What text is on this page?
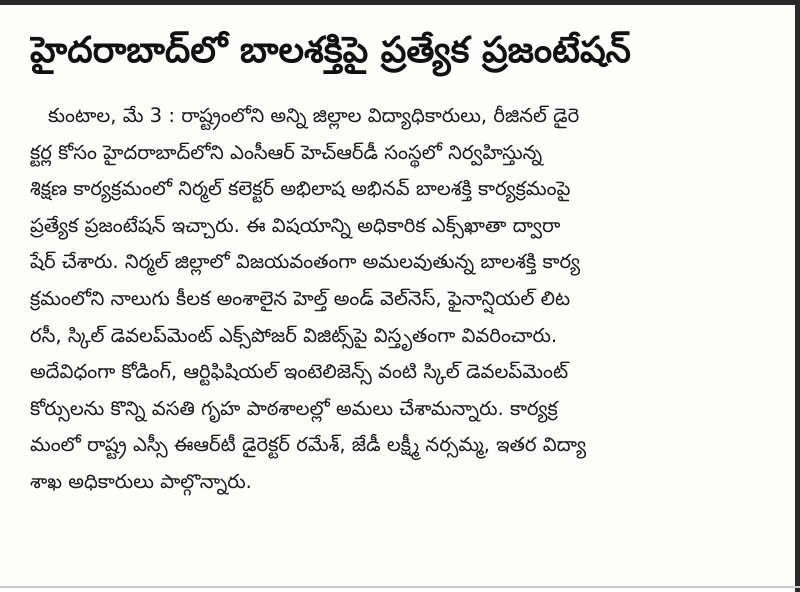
హైదరాబాద్‌లో బాలశక్తిపై ప్రత్యేక ప్రజంటేషన్
కుంటాల, మే 3 : రాష్ట్రంలోని అన్ని జిల్లాల విద్యాధికారులు, రీజినల్ డైరె
క్టర్ల కోసం హైదరాబాద్‌లోని ఎంసీఆర్ హెచ్‌ఆర్‌డీ సంస్థలో నిర్వహిస్తున్న
శిక్షణ కార్యక్రమంలో నిర్మల్ కలెక్టర్ అభిలాష అభినవ్ బాలశక్తి కార్యక్రమంపై
ప్రత్యేక ప్రజంటేషన్ ఇచ్చారు. ఈ విషయాన్ని అధికారిక ఎక్స్‌ఖాతా ద్వారా
షేర్ చేశారు. నిర్మల్ జిల్లాలో విజయవంతంగా అమలవుతున్న బాలశక్తి కార్య
క్రమంలోని నాలుగు కీలక అంశాలైన హెల్త్ అండ్ వెల్‌నెస్, ఫైనాన్షియల్ లిట
రసీ, స్కిల్ డెవలప్‌మెంట్ ఎక్స్‌పోజర్ విజిట్స్‌పై విస్తృతంగా వివరించారు.
అదేవిధంగా కోడింగ్, ఆర్టిఫిషియల్ ఇంటెలిజెన్స్ వంటి స్కిల్ డెవలప్‌మెంట్
కోర్సులను కొన్ని వసతి గృహ పాఠశాలల్లో అమలు చేశామన్నారు. కార్యక్ర
మంలో రాష్ట్ర ఎస్సీ ఈఆర్‌టీ డైరెక్టర్ రమేశ్, జేడీ లక్ష్మీ నర్సమ్మ, ఇతర విద్యా
శాఖ అధికారులు పాల్గొన్నారు.
